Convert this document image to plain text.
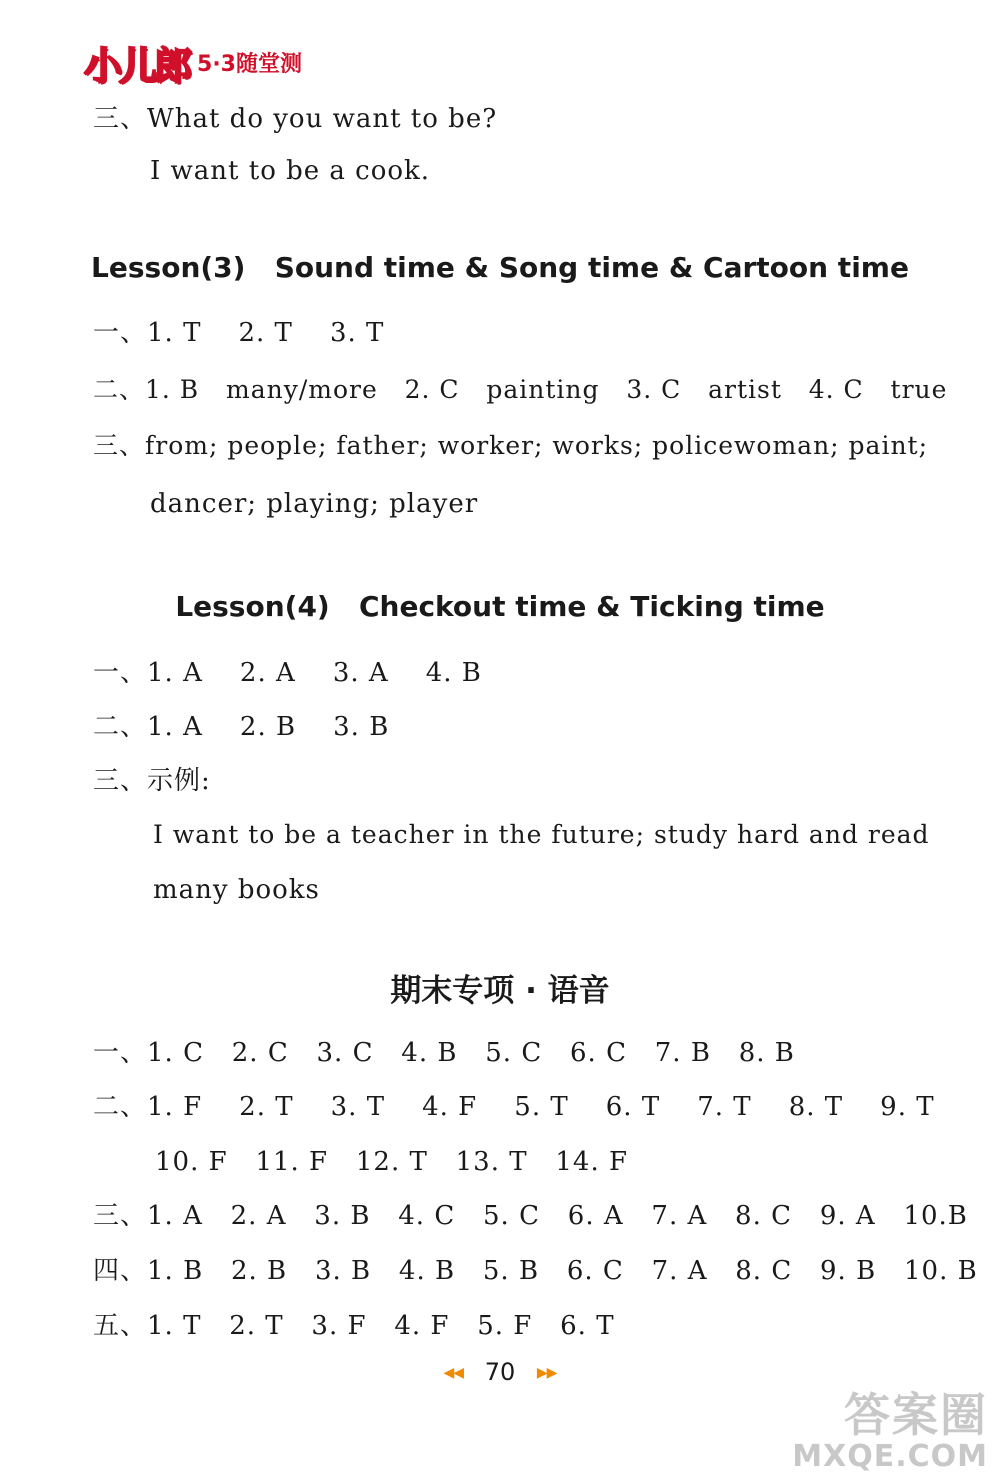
小儿郎 5·3随堂测
三、What do you want to be?
I want to be a cook.
Lesson(3)   Sound time & Song time & Cartoon time
一、1. T    2. T    3. T
二、1. B   many/more   2. C   painting   3. C   artist   4. C   true
三、from; people; father; worker; works; policewoman; paint;
dancer; playing; player
Lesson(4)   Checkout time & Ticking time
一、1. A    2. A    3. A    4. B
二、1. A    2. B    3. B
三、示例:
I want to be a teacher in the future; study hard and read
many books
期末专项 · 语音
一、1. C   2. C   3. C   4. B   5. C   6. C   7. B   8. B
二、1. F    2. T    3. T    4. F    5. T    6. T    7. T    8. T    9. T
10. F   11. F   12. T   13. T   14. F
三、1. A   2. A   3. B   4. C   5. C   6. A   7. A   8. C   9. A   10.B
四、1. B   2. B   3. B   4. B   5. B   6. C   7. A   8. C   9. B   10. B
五、1. T   2. T   3. F   4. F   5. F   6. T
◀◀ 70 ▶▶
答案圈
MXQE.COM
